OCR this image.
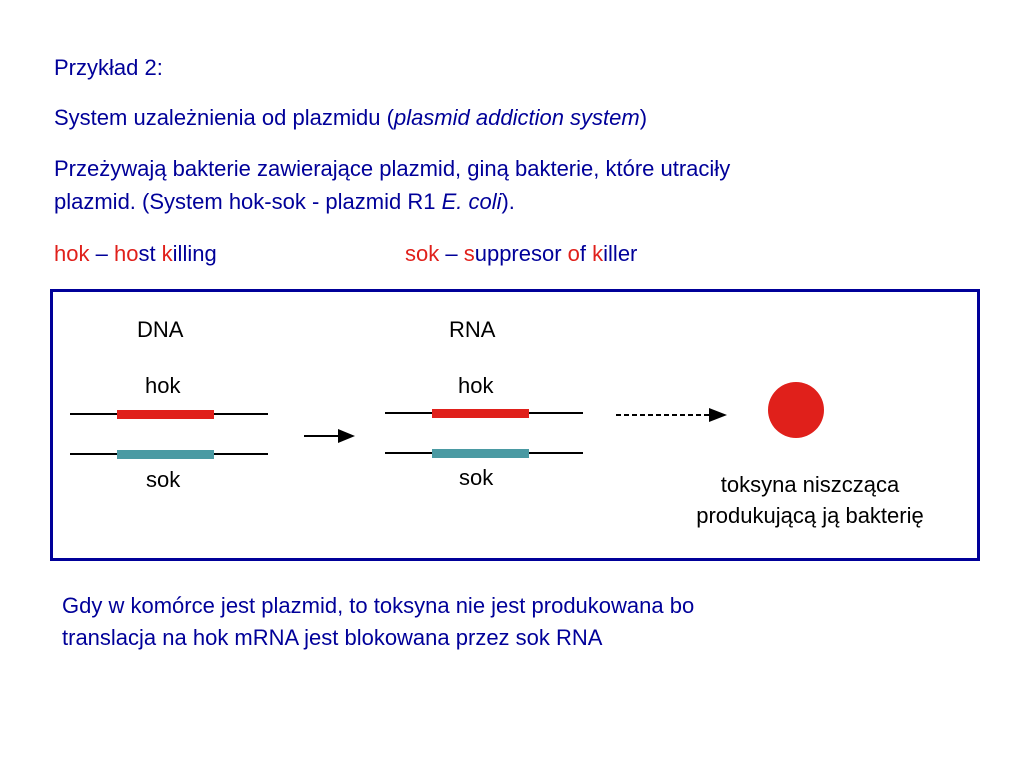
Przykład 2:
System uzależnienia od plazmidu (plasmid addiction system)
Przeżywają bakterie zawierające plazmid, giną bakterie, które utraciły
plazmid. (System hok-sok - plazmid R1 E. coli).
hok – host killing	sok – suppresor of killer
DNA
hok
sok
RNA
hok
sok	toksyna niszcząca
produkującą ją bakterię
Gdy w komórce jest plazmid, to toksyna nie jest produkowana bo
translacja na hok mRNA jest blokowana przez sok RNA
